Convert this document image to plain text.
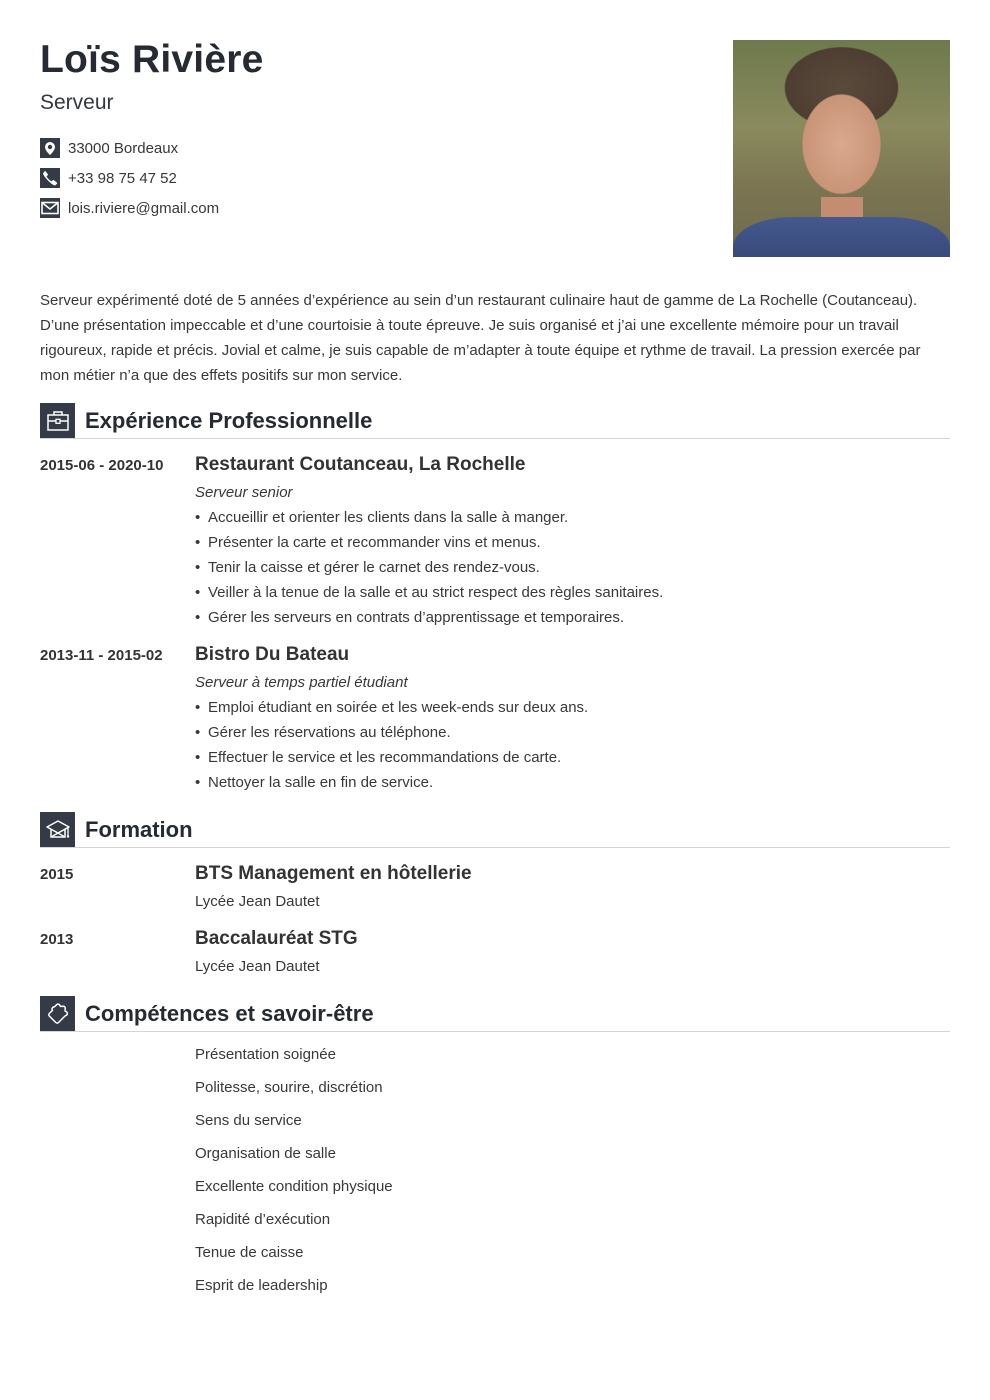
Loïs Rivière
Serveur
33000 Bordeaux
+33 98 75 47 52
lois.riviere@gmail.com

Serveur expérimenté doté de 5 années d’expérience au sein d’un restaurant culinaire haut de gamme de La Rochelle (Coutanceau). D’une présentation impeccable et d’une courtoisie à toute épreuve. Je suis organisé et j’ai une excellente mémoire pour un travail rigoureux, rapide et précis. Jovial et calme, je suis capable de m’adapter à toute équipe et rythme de travail. La pression exercée par mon métier n’a que des effets positifs sur mon service.

Expérience Professionnelle
2015-06 - 2020-10 Restaurant Coutanceau, La Rochelle
Serveur senior
• Accueillir et orienter les clients dans la salle à manger.
• Présenter la carte et recommander vins et menus.
• Tenir la caisse et gérer le carnet des rendez-vous.
• Veiller à la tenue de la salle et au strict respect des règles sanitaires.
• Gérer les serveurs en contrats d’apprentissage et temporaires.
2013-11 - 2015-02 Bistro Du Bateau
Serveur à temps partiel étudiant
• Emploi étudiant en soirée et les week-ends sur deux ans.
• Gérer les réservations au téléphone.
• Effectuer le service et les recommandations de carte.
• Nettoyer la salle en fin de service.
Formation
2015	BTS Management en hôtellerie
Lycée Jean Dautet
2013	Baccalauréat STG
Lycée Jean Dautet
Compétences et savoir-être
Présentation soignée
Politesse, sourire, discrétion
Sens du service
Organisation de salle
Excellente condition physique
Rapidité d’exécution
Tenue de caisse
Esprit de leadership
